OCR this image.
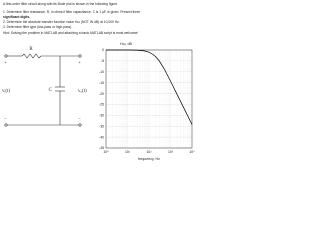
A first-order filter circuit along with its Bode plot is shown in the following figure.
1. Determine filter resistance, R, in ohms if filter capacitance, C is 1 µF, is given. Present three
significant digits.
2. Determine the absolute transfer function value Hω (NOT IN dB) at 10,000 Hz.
3. Determine filter type (low-pass or high-pass)
Hint: Solving the problem in MATLAB and attaching a basic MATLAB script is most welcome!
R
C
+
−
vᵢ(t)
+
−
vₒ(t)
0
-5
-10
-15
-20
-25
-30
-35
-40
-45
10⁰	10¹	10²	10³	10⁴
Hω, dB
frequency, Hz
